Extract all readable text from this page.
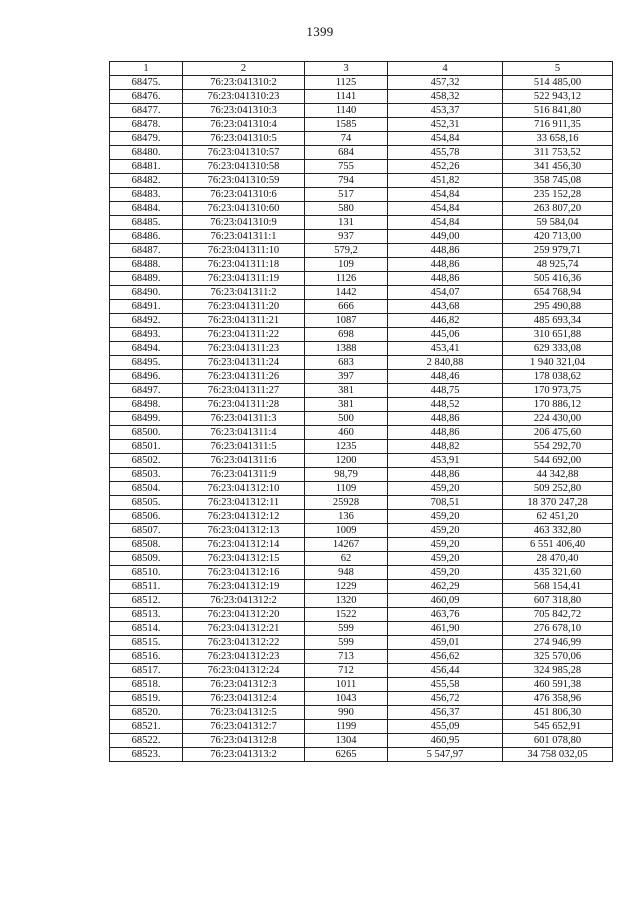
1399
1	2	3	4	5
68475.	76:23:041310:2	1125	457,32	514 485,00
68476.	76:23:041310:23	1141	458,32	522 943,12
68477.	76:23:041310:3	1140	453,37	516 841,80
68478.	76:23:041310:4	1585	452,31	716 911,35
68479.	76:23:041310:5	74	454,84	33 658,16
68480.	76:23:041310:57	684	455,78	311 753,52
68481.	76:23:041310:58	755	452,26	341 456,30
68482.	76:23:041310:59	794	451,82	358 745,08
68483.	76:23:041310:6	517	454,84	235 152,28
68484.	76:23:041310:60	580	454,84	263 807,20
68485.	76:23:041310:9	131	454,84	59 584,04
68486.	76:23:041311:1	937	449,00	420 713,00
68487.	76:23:041311:10	579,2	448,86	259 979,71
68488.	76:23:041311:18	109	448,86	48 925,74
68489.	76:23:041311:19	1126	448,86	505 416,36
68490.	76:23:041311:2	1442	454,07	654 768,94
68491.	76:23:041311:20	666	443,68	295 490,88
68492.	76:23:041311:21	1087	446,82	485 693,34
68493.	76:23:041311:22	698	445,06	310 651,88
68494.	76:23:041311:23	1388	453,41	629 333,08
68495.	76:23:041311:24	683	2 840,88	1 940 321,04
68496.	76:23:041311:26	397	448,46	178 038,62
68497.	76:23:041311:27	381	448,75	170 973,75
68498.	76:23:041311:28	381	448,52	170 886,12
68499.	76:23:041311:3	500	448,86	224 430,00
68500.	76:23:041311:4	460	448,86	206 475,60
68501.	76:23:041311:5	1235	448,82	554 292,70
68502.	76:23:041311:6	1200	453,91	544 692,00
68503.	76:23:041311:9	98,79	448,86	44 342,88
68504.	76:23:041312:10	1109	459,20	509 252,80
68505.	76:23:041312:11	25928	708,51	18 370 247,28
68506.	76:23:041312:12	136	459,20	62 451,20
68507.	76:23:041312:13	1009	459,20	463 332,80
68508.	76:23:041312:14	14267	459,20	6 551 406,40
68509.	76:23:041312:15	62	459,20	28 470,40
68510.	76:23:041312:16	948	459,20	435 321,60
68511.	76:23:041312:19	1229	462,29	568 154,41
68512.	76:23:041312:2	1320	460,09	607 318,80
68513.	76:23:041312:20	1522	463,76	705 842,72
68514.	76:23:041312:21	599	461,90	276 678,10
68515.	76:23:041312:22	599	459,01	274 946,99
68516.	76:23:041312:23	713	456,62	325 570,06
68517.	76:23:041312:24	712	456,44	324 985,28
68518.	76:23:041312:3	1011	455,58	460 591,38
68519.	76:23:041312:4	1043	456,72	476 358,96
68520.	76:23:041312:5	990	456,37	451 806,30
68521.	76:23:041312:7	1199	455,09	545 652,91
68522.	76:23:041312:8	1304	460,95	601 078,80
68523.	76:23:041313:2	6265	5 547,97	34 758 032,05
